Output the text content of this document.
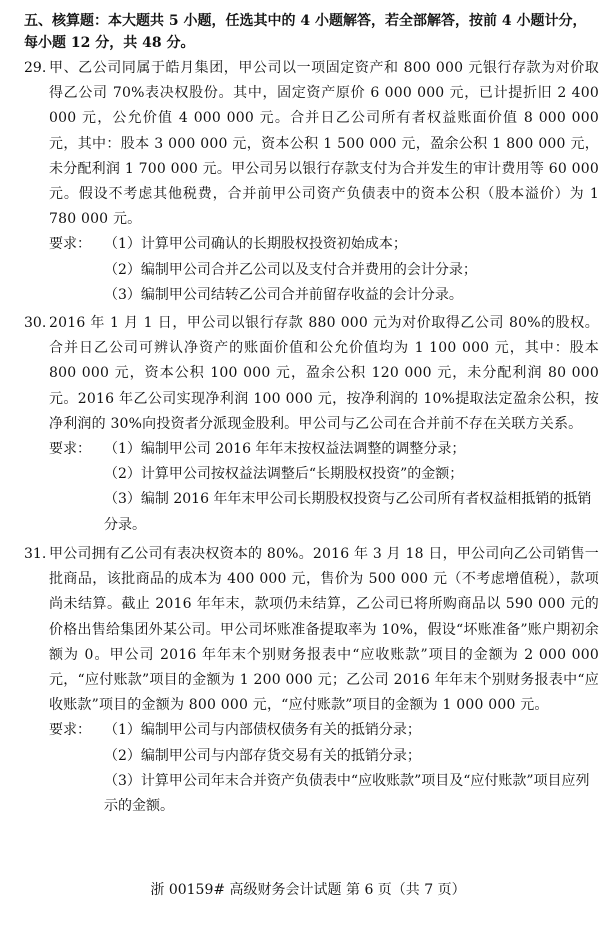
五、核算题：本大题共 5 小题，任选其中的 4 小题解答，若全部解答，按前 4 小题计分，每小题 12 分，共 48 分。
29. 甲、乙公司同属于皓月集团，甲公司以一项固定资产和 800 000 元银行存款为对价取得乙公司 70%表决权股份。其中，固定资产原价 6 000 000 元，已计提折旧 2 400 000 元，公允价值 4 000 000 元。合并日乙公司所有者权益账面价值 8 000 000 元，其中：股本 3 000 000 元，资本公积 1 500 000 元，盈余公积 1 800 000 元，未分配利润 1 700 000 元。甲公司另以银行存款支付为合并发生的审计费用等 60 000 元。假设不考虑其他税费，合并前甲公司资产负债表中的资本公积（股本溢价）为 1 780 000 元。
要求： （1）计算甲公司确认的长期股权投资初始成本；
（2）编制甲公司合并乙公司以及支付合并费用的会计分录；
（3）编制甲公司结转乙公司合并前留存收益的会计分录。
30. 2016 年 1 月 1 日，甲公司以银行存款 880 000 元为对价取得乙公司 80%的股权。合并日乙公司可辨认净资产的账面价值和公允价值均为 1 100 000 元，其中：股本 800 000 元，资本公积 100 000 元，盈余公积 120 000 元，未分配利润 80 000 元。2016 年乙公司实现净利润 100 000 元，按净利润的 10%提取法定盈余公积，按净利润的 30%向投资者分派现金股利。甲公司与乙公司在合并前不存在关联方关系。
要求： （1）编制甲公司 2016 年年末按权益法调整的调整分录；
（2）计算甲公司按权益法调整后“长期股权投资”的金额；
（3）编制 2016 年年末甲公司长期股权投资与乙公司所有者权益相抵销的抵销分录。
31. 甲公司拥有乙公司有表决权资本的 80%。2016 年 3 月 18 日，甲公司向乙公司销售一批商品，该批商品的成本为 400 000 元，售价为 500 000 元（不考虑增值税），款项尚未结算。截止 2016 年年末，款项仍未结算，乙公司已将所购商品以 590 000 元的价格出售给集团外某公司。甲公司坏账准备提取率为 10%，假设“坏账准备”账户期初余额为 0。甲公司 2016 年年末个别财务报表中“应收账款”项目的金额为 2 000 000 元，“应付账款”项目的金额为 1 200 000 元；乙公司 2016 年年末个别财务报表中“应收账款”项目的金额为 800 000 元，“应付账款”项目的金额为 1 000 000 元。
要求： （1）编制甲公司与内部债权债务有关的抵销分录；
（2）编制甲公司与内部存货交易有关的抵销分录；
（3）计算甲公司年末合并资产负债表中“应收账款”项目及“应付账款”项目应列示的金额。
浙 00159# 高级财务会计试题 第 6 页（共 7 页）
